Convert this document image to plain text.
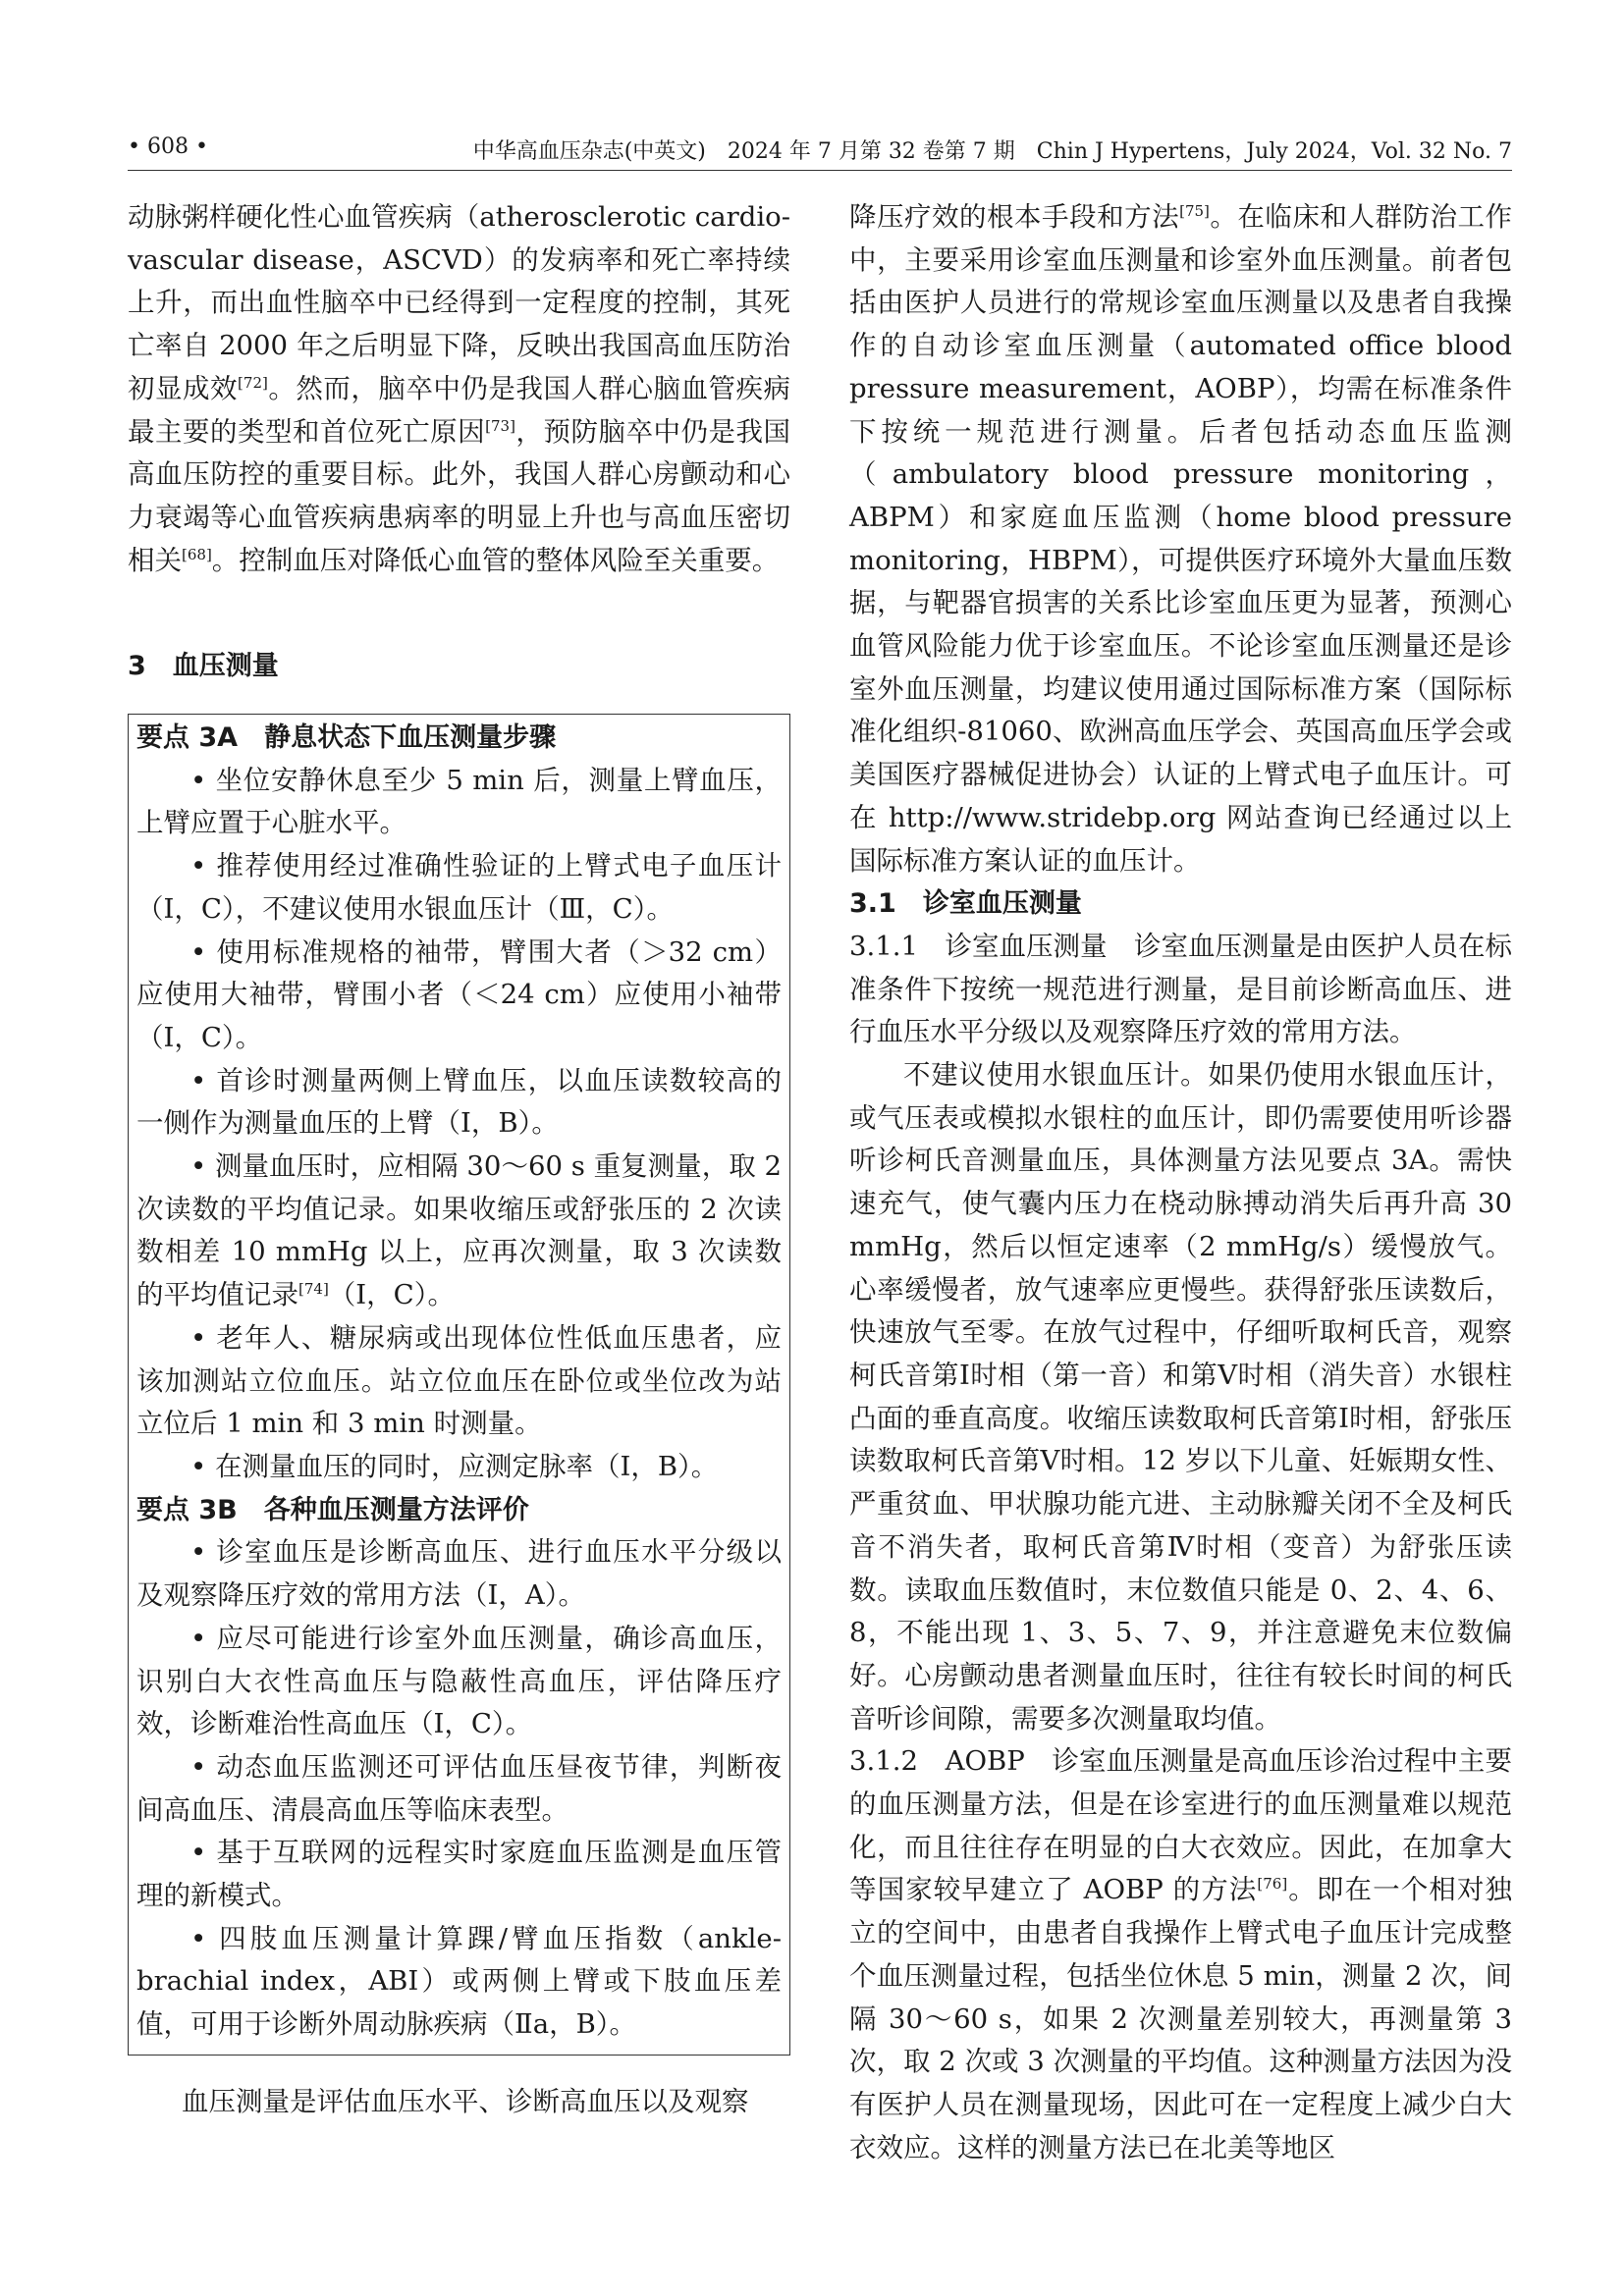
• 608 •	中华高血压杂志(中英文)　2024 年 7 月第 32 卷第 7 期　Chin J Hypertens，July 2024，Vol. 32 No. 7

动脉粥样硬化性心血管疾病（atherosclerotic cardio-vascular disease，ASCVD）的发病率和死亡率持续上升，而出血性脑卒中已经得到一定程度的控制，其死亡率自 2000 年之后明显下降，反映出我国高血压防治初显成效[72]。然而，脑卒中仍是我国人群心脑血管疾病最主要的类型和首位死亡原因[73]，预防脑卒中仍是我国高血压防控的重要目标。此外，我国人群心房颤动和心力衰竭等心血管疾病患病率的明显上升也与高血压密切相关[68]。控制血压对降低心血管的整体风险至关重要。

3　血压测量

要点 3A　静息状态下血压测量步骤

• 坐位安静休息至少 5 min 后，测量上臂血压，上臂应置于心脏水平。

• 推荐使用经过准确性验证的上臂式电子血压计（Ⅰ，C），不建议使用水银血压计（Ⅲ，C）。

• 使用标准规格的袖带，臂围大者（＞32 cm）应使用大袖带，臂围小者（＜24 cm）应使用小袖带（Ⅰ，C）。

• 首诊时测量两侧上臂血压，以血压读数较高的一侧作为测量血压的上臂（Ⅰ，B）。

• 测量血压时，应相隔 30～60 s 重复测量，取 2 次读数的平均值记录。如果收缩压或舒张压的 2 次读数相差 10 mmHg 以上，应再次测量，取 3 次读数的平均值记录[74]（Ⅰ，C）。

• 老年人、糖尿病或出现体位性低血压患者，应该加测站立位血压。站立位血压在卧位或坐位改为站立位后 1 min 和 3 min 时测量。

• 在测量血压的同时，应测定脉率（Ⅰ，B）。

要点 3B　各种血压测量方法评价

• 诊室血压是诊断高血压、进行血压水平分级以及观察降压疗效的常用方法（Ⅰ，A）。

• 应尽可能进行诊室外血压测量，确诊高血压，识别白大衣性高血压与隐蔽性高血压，评估降压疗效，诊断难治性高血压（Ⅰ，C）。

• 动态血压监测还可评估血压昼夜节律，判断夜间高血压、清晨高血压等临床表型。

• 基于互联网的远程实时家庭血压监测是血压管理的新模式。

• 四肢血压测量计算踝/臂血压指数（ankle-brachial index，ABI）或两侧上臂或下肢血压差值，可用于诊断外周动脉疾病（Ⅱa，B）。

血压测量是评估血压水平、诊断高血压以及观察

降压疗效的根本手段和方法[75]。在临床和人群防治工作中，主要采用诊室血压测量和诊室外血压测量。前者包括由医护人员进行的常规诊室血压测量以及患者自我操作的自动诊室血压测量（automated office blood pressure measurement，AOBP），均需在标准条件下按统一规范进行测量。后者包括动态血压监测（ambulatory blood pressure monitoring，ABPM）和家庭血压监测（home blood pressure monitoring，HBPM），可提供医疗环境外大量血压数据，与靶器官损害的关系比诊室血压更为显著，预测心血管风险能力优于诊室血压。不论诊室血压测量还是诊室外血压测量，均建议使用通过国际标准方案（国际标准化组织-81060、欧洲高血压学会、英国高血压学会或美国医疗器械促进协会）认证的上臂式电子血压计。可在 http://www.stridebp.org 网站查询已经通过以上国际标准方案认证的血压计。

3.1　诊室血压测量

3.1.1　诊室血压测量　诊室血压测量是由医护人员在标准条件下按统一规范进行测量，是目前诊断高血压、进行血压水平分级以及观察降压疗效的常用方法。

不建议使用水银血压计。如果仍使用水银血压计，或气压表或模拟水银柱的血压计，即仍需要使用听诊器听诊柯氏音测量血压，具体测量方法见要点 3A。需快速充气，使气囊内压力在桡动脉搏动消失后再升高 30 mmHg，然后以恒定速率（2 mmHg/s）缓慢放气。心率缓慢者，放气速率应更慢些。获得舒张压读数后，快速放气至零。在放气过程中，仔细听取柯氏音，观察柯氏音第Ⅰ时相（第一音）和第Ⅴ时相（消失音）水银柱凸面的垂直高度。收缩压读数取柯氏音第Ⅰ时相，舒张压读数取柯氏音第Ⅴ时相。12 岁以下儿童、妊娠期女性、严重贫血、甲状腺功能亢进、主动脉瓣关闭不全及柯氏音不消失者，取柯氏音第Ⅳ时相（变音）为舒张压读数。读取血压数值时，末位数值只能是 0、2、4、6、8，不能出现 1、3、5、7、9，并注意避免末位数偏好。心房颤动患者测量血压时，往往有较长时间的柯氏音听诊间隙，需要多次测量取均值。

3.1.2　AOBP　诊室血压测量是高血压诊治过程中主要的血压测量方法，但是在诊室进行的血压测量难以规范化，而且往往存在明显的白大衣效应。因此，在加拿大等国家较早建立了 AOBP 的方法[76]。即在一个相对独立的空间中，由患者自我操作上臂式电子血压计完成整个血压测量过程，包括坐位休息 5 min，测量 2 次，间隔 30～60 s，如果 2 次测量差别较大，再测量第 3 次，取 2 次或 3 次测量的平均值。这种测量方法因为没有医护人员在测量现场，因此可在一定程度上减少白大衣效应。这样的测量方法已在北美等地区
